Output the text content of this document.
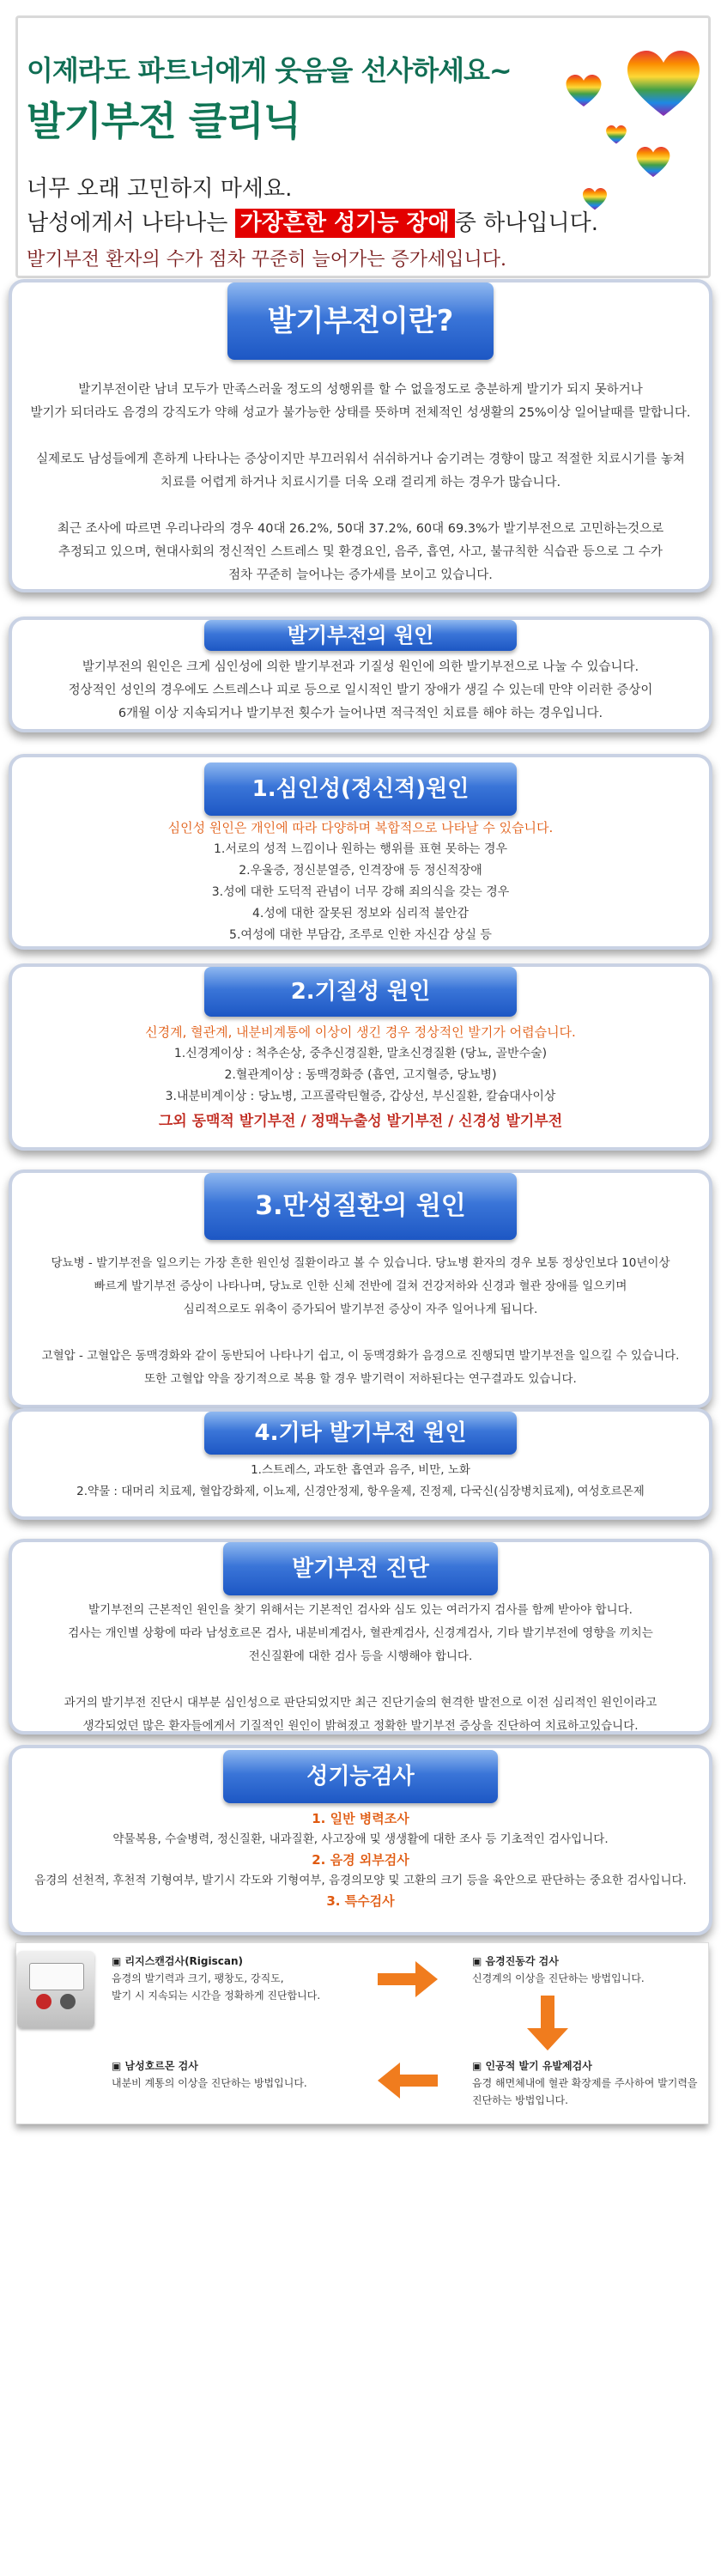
이제라도 파트너에게 웃음을 선사하세요~
발기부전 클리닉
너무 오래 고민하지 마세요.
남성에게서 나타나는 가장흔한 성기능 장애 중 하나입니다.
발기부전 환자의 수가 점차 꾸준히 늘어가는 증가세입니다.
발기부전이란?

발기부전이란 남녀 모두가 만족스러울 정도의 성행위를 할 수 없을정도로 충분하게 발기가 되지 못하거나

발기가 되더라도 음경의 강직도가 약해 성교가 불가능한 상태를 뜻하며 전체적인 성생활의 25%이상 일어날때를 말합니다.

실제로도 남성들에게 흔하게 나타나는 증상이지만 부끄러워서 쉬쉬하거나 숨기려는 경향이 많고 적절한 치료시기를 놓쳐

치료를 어렵게 하거나 치료시기를 더욱 오래 걸리게 하는 경우가 많습니다.

최근 조사에 따르면 우리나라의 경우 40대 26.2%, 50대 37.2%, 60대 69.3%가 발기부전으로 고민하는것으로

추정되고 있으며, 현대사회의 정신적인 스트레스 및 환경요인, 음주, 흡연, 사고, 불규칙한 식습관 등으로 그 수가

점차 꾸준히 늘어나는 증가세를 보이고 있습니다.

발기부전의 원인

발기부전의 원인은 크게 심인성에 의한 발기부전과 기질성 원인에 의한 발기부전으로 나눌 수 있습니다.

정상적인 성인의 경우에도 스트레스나 피로 등으로 일시적인 발기 장애가 생길 수 있는데 만약 이러한 증상이

6개월 이상 지속되거나 발기부전 횟수가 늘어나면 적극적인 치료를 해야 하는 경우입니다.

1.심인성(정신적)원인
심인성 원인은 개인에 따라 다양하며 복합적으로 나타날 수 있습니다.
1.서로의 성적 느낌이나 원하는 행위를 표현 못하는 경우
2.우울증, 정신분열증, 인격장애 등 정신적장애
3.성에 대한 도덕적 관념이 너무 강해 죄의식을 갖는 경우
4.성에 대한 잘못된 정보와 심리적 불안감
5.여성에 대한 부담감, 조루로 인한 자신감 상실 등
2.기질성 원인
신경계, 혈관계, 내분비계통에 이상이 생긴 경우 정상적인 발기가 어렵습니다.
1.신경계이상 : 척추손상, 중추신경질환, 말초신경질환 (당뇨, 골반수술)
2.혈관계이상 : 동맥경화증 (흡연, 고지혈증, 당뇨병)
3.내분비계이상 : 당뇨병, 고프콜락틴혈증, 갑상선, 부신질환, 칼슘대사이상
그외 동맥적 발기부전 / 정맥누출성 발기부전 / 신경성 발기부전
3.만성질환의 원인

당뇨병 - 발기부전을 일으키는 가장 흔한 원인성 질환이라고 볼 수 있습니다. 당뇨병 환자의 경우 보통 정상인보다 10년이상

빠르게 발기부전 증상이 나타나며, 당뇨로 인한 신체 전반에 걸쳐 건강저하와 신경과 혈관 장애를 일으키며

심리적으로도 위축이 증가되어 발기부전 증상이 자주 일어나게 됩니다.

고혈압 - 고혈압은 동맥경화와 같이 동반되어 나타나기 쉽고, 이 동맥경화가 음경으로 진행되면 발기부전을 일으킬 수 있습니다.

또한 고혈압 약을 장기적으로 복용 할 경우 발기력이 저하된다는 연구결과도 있습니다.

4.기타 발기부전 원인
1.스트레스, 과도한 흡연과 음주, 비만, 노화
2.약물 : 대머리 치료제, 혈압강화제, 이뇨제, 신경안정제, 항우울제, 진정제, 다국신(심장병치료제), 여성호르몬제
발기부전 진단

발기부전의 근본적인 원인을 찾기 위해서는 기본적인 검사와 심도 있는 여러가지 검사를 함께 받아야 합니다.

검사는 개인별 상황에 따라 남성호르몬 검사, 내분비계검사, 혈관계검사, 신경계검사, 기타 발기부전에 영향을 끼치는

전신질환에 대한 검사 등을 시행해야 합니다.

과거의 발기부전 진단시 대부분 심인성으로 판단되었지만 최근 진단기술의 현격한 발전으로 이전 심리적인 원인이라고

생각되었던 많은 환자들에게서 기질적인 원인이 밝혀졌고 정확한 발기부전 증상을 진단하여 치료하고있습니다.

성기능검사
1. 일반 병력조사
약물복용, 수술병력, 정신질환, 내과질환, 사고장애 및 생생활에 대한 조사 등 기초적인 검사입니다.
2. 음경 외부검사
음경의 선천적, 후천적 기형여부, 발기시 각도와 기형여부, 음경의모양 및 고환의 크기 등을 육안으로 판단하는 중요한 검사입니다.
3. 특수검사
▣ 리지스캔검사(Rigiscan)
음경의 발기력과 크기, 팽창도, 강직도,
발기 시 지속되는 시간을 정확하게 진단합니다.
▣ 음경진동각 검사
신경계의 이상을 진단하는 방법입니다.
▣ 남성호르몬 검사
내분비 계통의 이상을 진단하는 방법입니다.
▣ 인공적 발기 유발제검사
음경 해면체내에 혈관 확장제를 주사하여 발기력을
진단하는 방법입니다.
